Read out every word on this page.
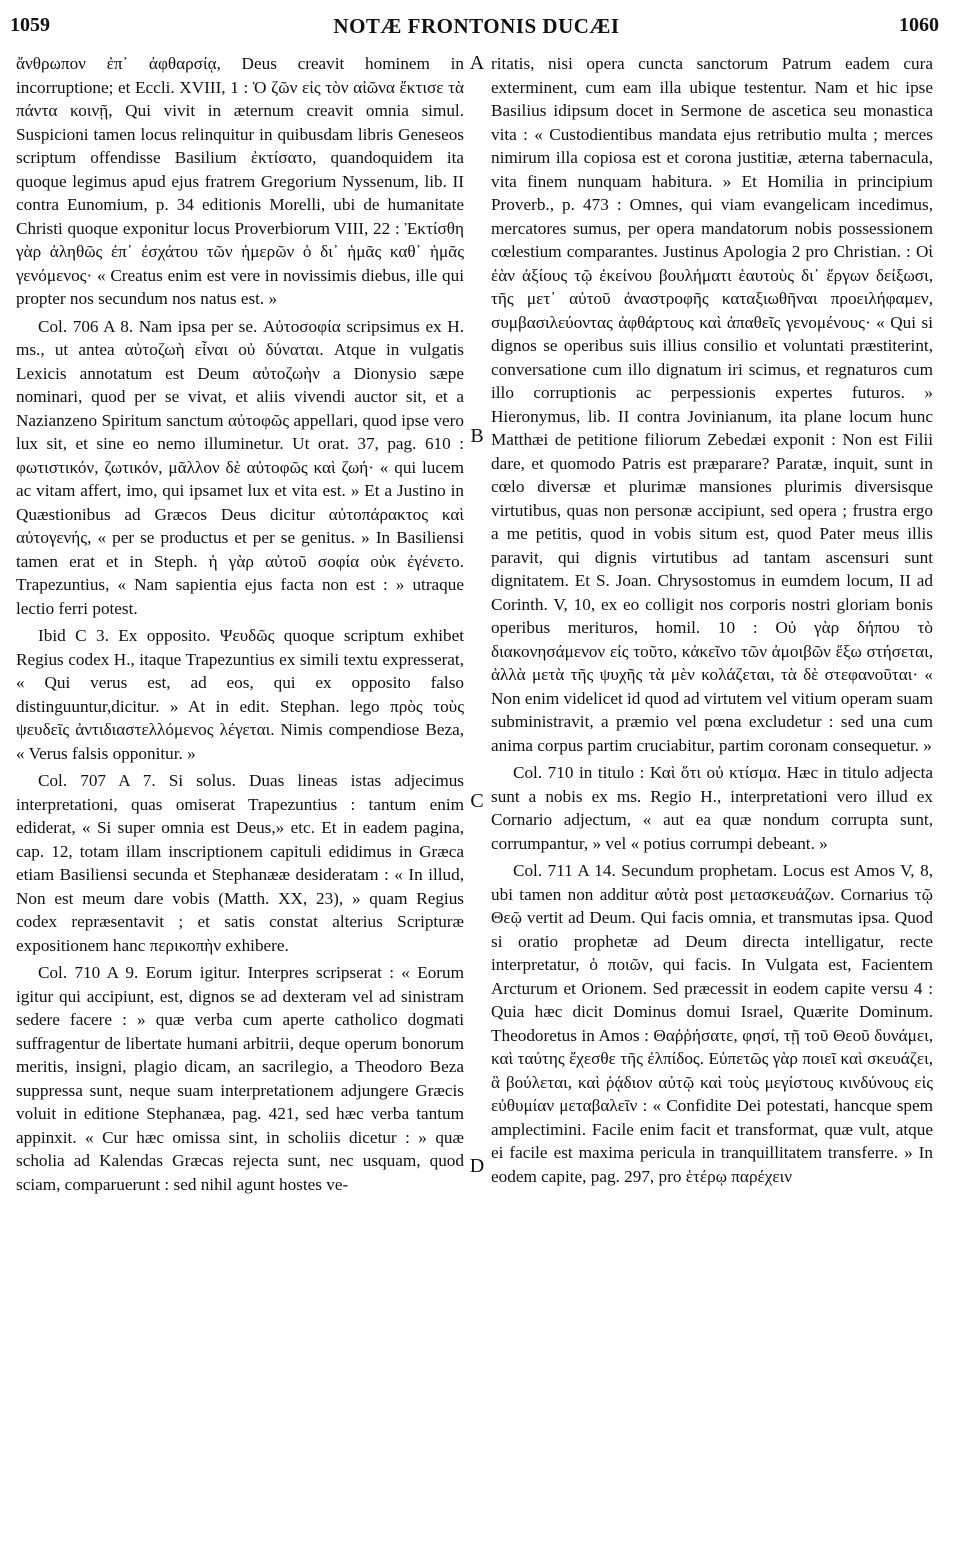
1059	NOTÆ FRONTONIS DUCÆI	1060

ἄνθρωπον ἐπ᾽ ἀφθαρσίᾳ, Deus creavit hominem in incorruptione; et Eccli. XVIII, 1 : Ὁ ζῶν εἰς τὸν αἰῶνα ἔκτισε τὰ πάντα κοινῇ, Qui vivit in æternum creavit omnia simul. Suspicioni tamen locus relinquitur in quibusdam libris Geneseos scriptum offendisse Basilium ἐκτίσατο, quandoquidem ita quoque legimus apud ejus fratrem Gregorium Nyssenum, lib. II contra Eunomium, p. 34 editionis Morelli, ubi de humanitate Christi quoque exponitur locus Proverbiorum VIII, 22 : Ἐκτίσθη γὰρ ἀληθῶς ἐπ᾽ ἐσχάτου τῶν ἡμερῶν ὁ δι᾽ ἡμᾶς καθ᾽ ἡμᾶς γενόμενος· « Creatus enim est vere in novissimis diebus, ille qui propter nos secundum nos natus est. »

Col. 706 A 8. Nam ipsa per se. Αὐτοσοφία scripsimus ex H. ms., ut antea αὐτοζωὴ εἶναι οὐ δύναται. Atque in vulgatis Lexicis annotatum est Deum αὐτοζωὴν a Dionysio sæpe nominari, quod per se vivat, et aliis vivendi auctor sit, et a Nazianzeno Spiritum sanctum αὐτοφῶς appellari, quod ipse vero lux sit, et sine eo nemo illuminetur. Ut orat. 37, pag. 610 : φωτιστικόν, ζωτικόν, μᾶλλον δὲ αὐτοφῶς καὶ ζωή· « qui lucem ac vitam affert, imo, qui ipsamet lux et vita est. » Et a Justino in Quæstionibus ad Græcos Deus dicitur αὐτοπάρακτος καὶ αὐτογενής, « per se productus et per se genitus. » In Basiliensi tamen erat et in Steph. ἡ γὰρ αὐτοῦ σοφία οὐκ ἐγένετο. Trapezuntius, « Nam sapientia ejus facta non est : » utraque lectio ferri potest.

Ibid C 3. Ex opposito. Ψευδῶς quoque scriptum exhibet Regius codex H., itaque Trapezuntius ex simili textu expresserat, « Qui verus est, ad eos, qui ex opposito falso distinguuntur,dicitur. » At in edit. Stephan. lego πρὸς τοὺς ψευδεῖς ἀντιδιαστελλόμενος λέγεται. Nimis compendiose Beza, « Verus falsis opponitur. »

Col. 707 A 7. Si solus. Duas lineas istas adjecimus interpretationi, quas omiserat Trapezuntius : tantum enim ediderat, « Si super omnia est Deus,» etc. Et in eadem pagina, cap. 12, totam illam inscriptionem capituli edidimus in Græca etiam Basiliensi secunda et Stephanææ desideratam : « In illud, Non est meum dare vobis (Matth. XX, 23), » quam Regius codex repræsentavit ; et satis constat alterius Scripturæ expositionem hanc περικοπὴν exhibere.

Col. 710 A 9. Eorum igitur. Interpres scripserat : « Eorum igitur qui accipiunt, est, dignos se ad dexteram vel ad sinistram sedere facere : » quæ verba cum aperte catholico dogmati suffragentur de libertate humani arbitrii, deque operum bonorum meritis, insigni, plagio dicam, an sacrilegio, a Theodoro Beza suppressa sunt, neque suam interpretationem adjungere Græcis voluit in editione Stephanæa, pag. 421, sed hæc verba tantum appinxit. « Cur hæc omissa sint, in scholiis dicetur : » quæ scholia ad Kalendas Græcas rejecta sunt, nec usquam, quod sciam, comparuerunt : sed nihil agunt hostes ve-

A
B
C
D

ritatis, nisi opera cuncta sanctorum Patrum eadem cura exterminent, cum eam illa ubique testentur. Nam et hic ipse Basilius idipsum docet in Sermone de ascetica seu monastica vita : « Custodientibus mandata ejus retributio multa ; merces nimirum illa copiosa est et corona justitiæ, æterna tabernacula, vita finem nunquam habitura. » Et Homilia in principium Proverb., p. 473 : Omnes, qui viam evangelicam incedimus, mercatores sumus, per opera mandatorum nobis possessionem cœlestium comparantes. Justinus Apologia 2 pro Christian. : Οἱ ἐὰν ἀξίους τῷ ἐκείνου βουλήματι ἑαυτοὺς δι᾽ ἔργων δείξωσι, τῆς μετ᾽ αὐτοῦ ἀναστροφῆς καταξιωθῆναι προειλήφαμεν, συμβασιλεύοντας ἀφθάρτους καὶ ἀπαθεῖς γενομένους· « Qui si dignos se operibus suis illius consilio et voluntati præstiterint, conversatione cum illo dignatum iri scimus, et regnaturos cum illo corruptionis ac perpessionis expertes futuros. » Hieronymus, lib. II contra Jovinianum, ita plane locum hunc Matthæi de petitione filiorum Zebedæi exponit : Non est Filii dare, et quomodo Patris est præparare? Paratæ, inquit, sunt in cœlo diversæ et plurimæ mansiones plurimis diversisque virtutibus, quas non personæ accipiunt, sed opera ; frustra ergo a me petitis, quod in vobis situm est, quod Pater meus illis paravit, qui dignis virtutibus ad tantam ascensuri sunt dignitatem. Et S. Joan. Chrysostomus in eumdem locum, II ad Corinth. V, 10, ex eo colligit nos corporis nostri gloriam bonis operibus merituros, homil. 10 : Οὐ γὰρ δήπου τὸ διακονησάμενον εἰς τοῦτο, κἀκεῖνο τῶν ἀμοιβῶν ἔξω στήσεται, ἀλλὰ μετὰ τῆς ψυχῆς τὰ μὲν κολάζεται, τὰ δὲ στεφανοῦται· « Non enim videlicet id quod ad virtutem vel vitium operam suam subministravit, a præmio vel pœna excludetur : sed una cum anima corpus partim cruciabitur, partim coronam consequetur. »

Col. 710 in titulo : Καὶ ὅτι οὐ κτίσμα. Hæc in titulo adjecta sunt a nobis ex ms. Regio H., interpretationi vero illud ex Cornario adjectum, « aut ea quæ nondum corrupta sunt, corrumpantur, » vel « potius corrumpi debeant. »

Col. 711 A 14. Secundum prophetam. Locus est Amos V, 8, ubi tamen non additur αὐτὰ post μετασκευάζων. Cornarius τῷ Θεῷ vertit ad Deum. Qui facis omnia, et transmutas ipsa. Quod si oratio prophetæ ad Deum directa intelligatur, recte interpretatur, ὁ ποιῶν, qui facis. In Vulgata est, Facientem Arcturum et Orionem. Sed præcessit in eodem capite versu 4 : Quia hæc dicit Dominus domui Israel, Quærite Dominum. Theodoretus in Amos : Θαῤῥήσατε, φησί, τῇ τοῦ Θεοῦ δυνάμει, καὶ ταύτης ἔχεσθε τῆς ἐλπίδος. Εὐπετῶς γὰρ ποιεῖ καὶ σκευάζει, ἃ βούλεται, καὶ ῥᾴδιον αὐτῷ καὶ τοὺς μεγίστους κινδύνους εἰς εὐθυμίαν μεταβαλεῖν : « Confidite Dei potestati, hancque spem amplectimini. Facile enim facit et transformat, quæ vult, atque ei facile est maxima pericula in tranquillitatem transferre. » In eodem capite, pag. 297, pro ἑτέρῳ παρέχειν
